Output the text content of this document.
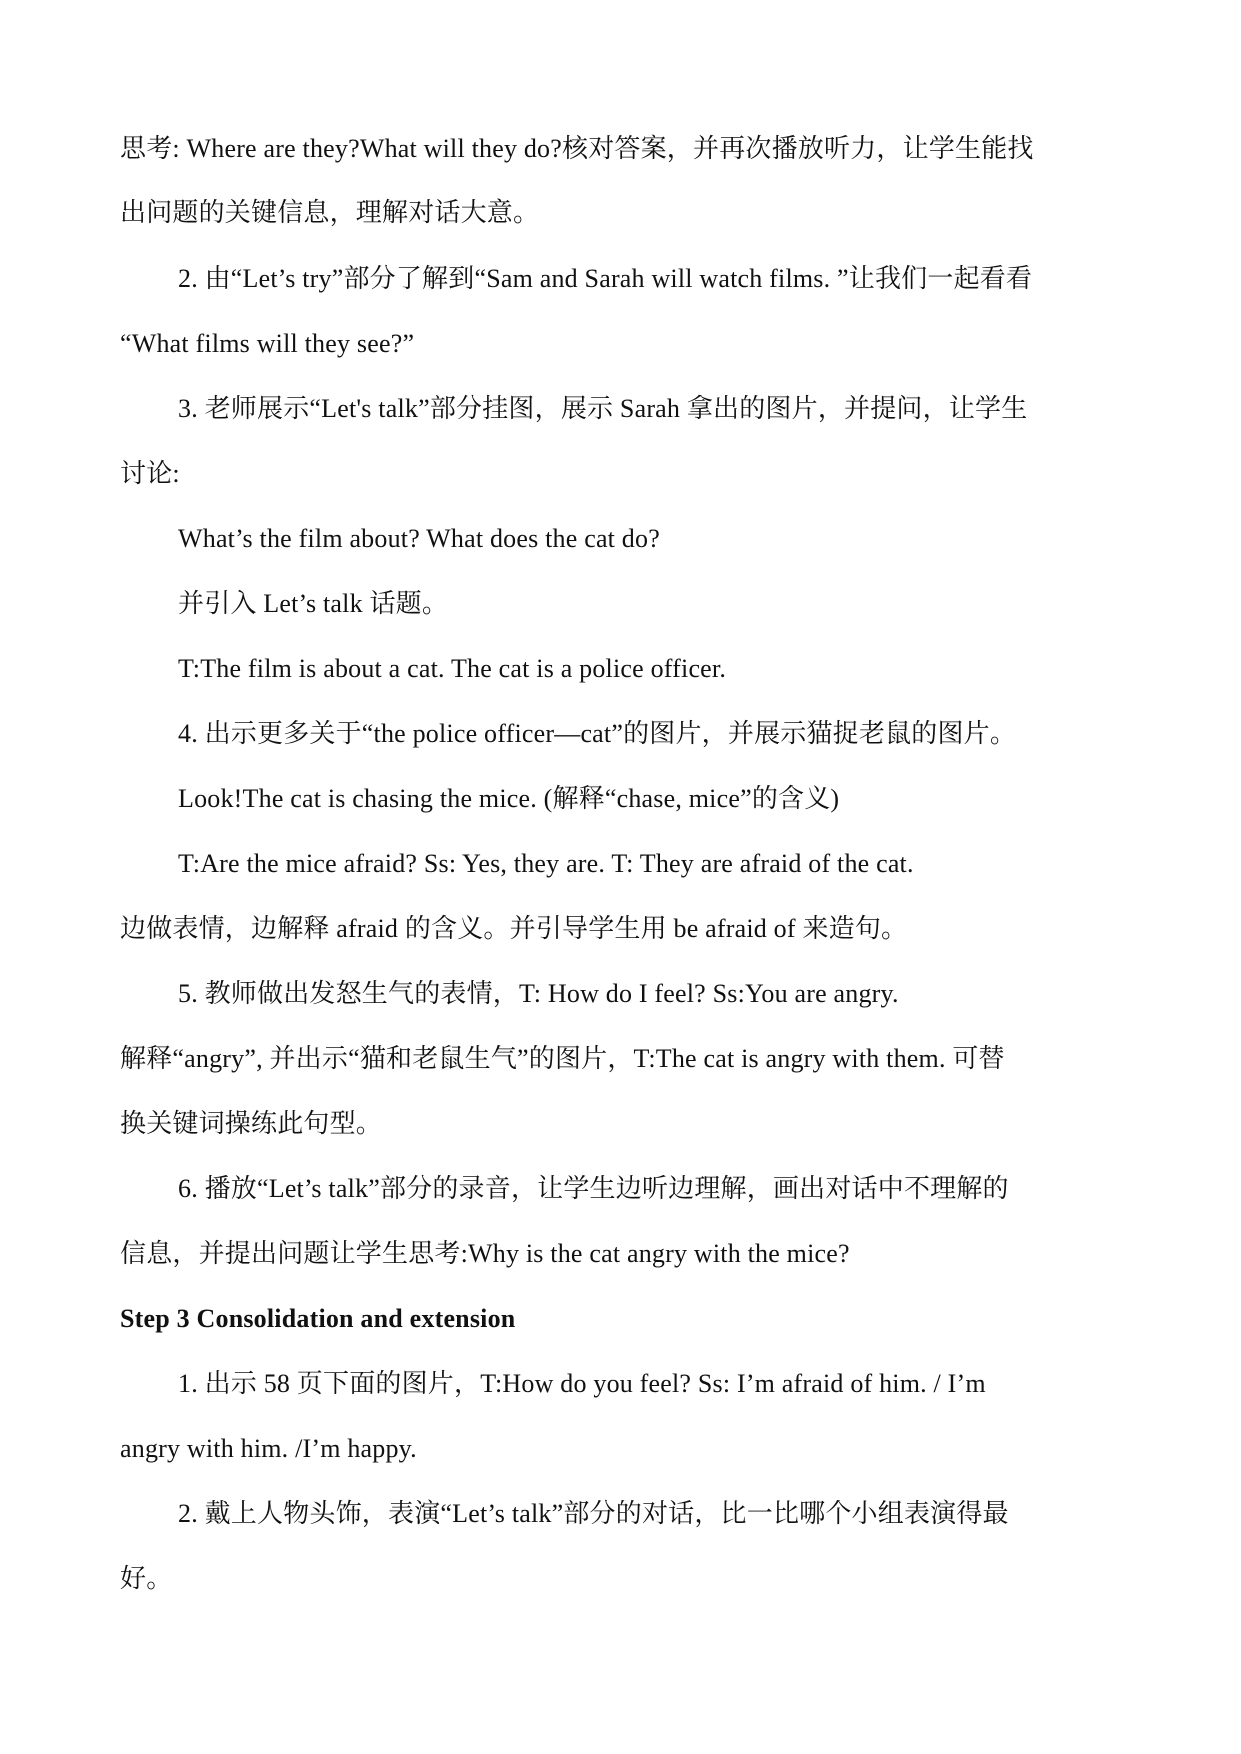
思考: Where are they?What will they do?核对答案，并再次播放听力，让学生能找
出问题的关键信息，理解对话大意。
2. 由“Let’s try”部分了解到“Sam and Sarah will watch films. ”让我们一起看看
“What films will they see?”
3. 老师展示“Let's talk”部分挂图，展示 Sarah 拿出的图片，并提问，让学生
讨论:
What’s the film about? What does the cat do?
并引入 Let’s talk 话题。
T:The film is about a cat. The cat is a police officer.
4. 出示更多关于“the police officer—cat”的图片，并展示猫捉老鼠的图片。
Look!The cat is chasing the mice. (解释“chase, mice”的含义)
T:Are the mice afraid? Ss: Yes, they are. T: They are afraid of the cat.
边做表情，边解释 afraid 的含义。并引导学生用 be afraid of 来造句。
5. 教师做出发怒生气的表情，T: How do I feel? Ss:You are angry.
解释“angry”, 并出示“猫和老鼠生气”的图片，T:The cat is angry with them. 可替
换关键词操练此句型。
6. 播放“Let’s talk”部分的录音，让学生边听边理解，画出对话中不理解的
信息，并提出问题让学生思考:Why is the cat angry with the mice?
Step 3 Consolidation and extension
1. 出示 58 页下面的图片，T:How do you feel? Ss: I’m afraid of him. / I’m
angry with him. /I’m happy.
2. 戴上人物头饰，表演“Let’s talk”部分的对话，比一比哪个小组表演得最
好。
